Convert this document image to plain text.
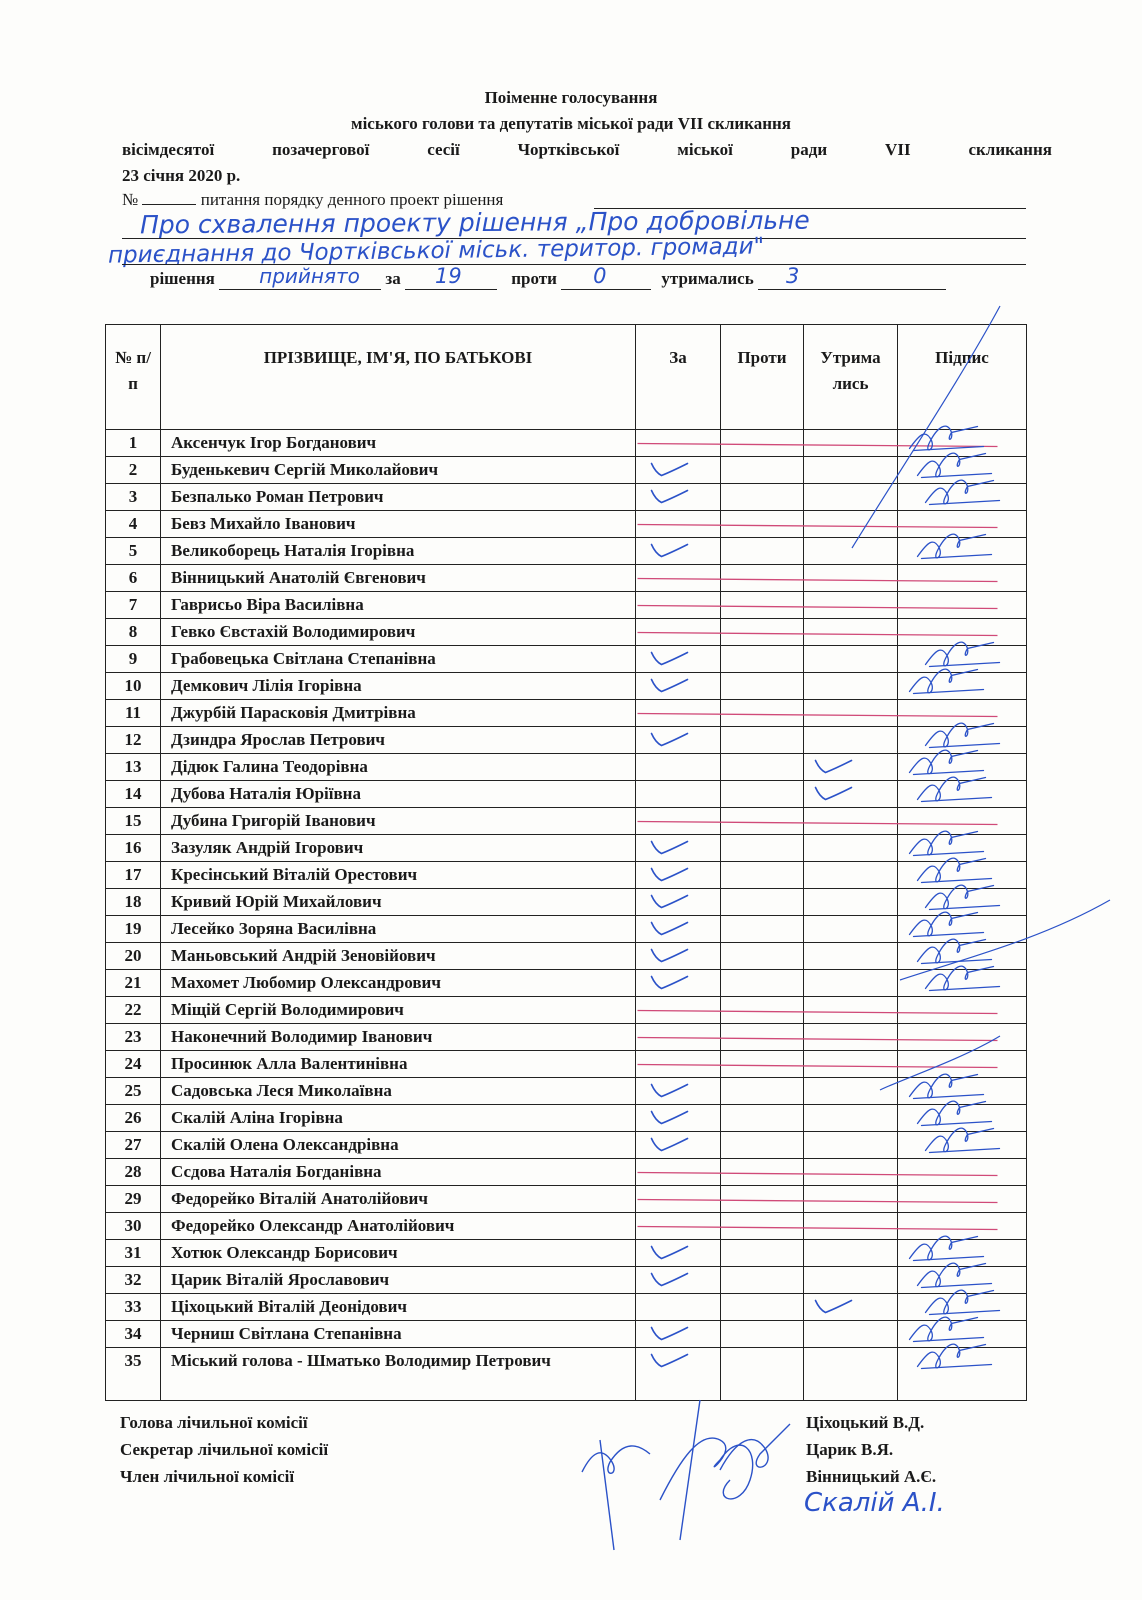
Поіменне голосування
міського голови та депутатів міської ради VII скликання
вісімдесятої	позачергової	сесії	Чортківської	міської	ради	VII	скликання
23 січня 2020 р.
№	питання порядку денного проект рішення
Про схвалення проекту рішення „Про добровільне
приєднання до Чортківської міськ. територ. громади"
рішення прийнято за 19	проти 0	утримались 3
№ п/п	ПРІЗВИЩЕ, ІМ'Я, ПО БАТЬКОВІ	За	Проти	Утримались	Підпис

1	Аксенчук Ігор Богданович				
2	Буденькевич Сергій Миколайович				
3	Безпалько Роман Петрович				
4	Бевз Михайло Іванович				
5	Великоборець Наталія Ігорівна				
6	Вінницький Анатолій Євгенович				
7	Гаврисьо Віра Василівна				
8	Гевко Євстахій Володимирович				
9	Грабовецька Світлана Степанівна				
10	Демкович Лілія Ігорівна				
11	Джурбій Парасковія Дмитрівна				
12	Дзиндра Ярослав Петрович				
13	Дідюк Галина Теодорівна				
14	Дубова Наталія Юріївна				
15	Дубина Григорій Іванович				
16	Зазуляк Андрій Ігорович				
17	Кресінський Віталій Орестович				
18	Кривий Юрій Михайлович				
19	Лесейко Зоряна Василівна				
20	Маньовський Андрій Зеновійович				
21	Махомет Любомир Олександрович				
22	Міщій Сергій Володимирович				
23	Наконечний Володимир Іванович				
24	Просинюк Алла Валентинівна				
25	Садовська Леся Миколаївна				
26	Скалій Аліна Ігорівна				
27	Скалій Олена Олександрівна				
28	Ссдова Наталія Богданівна				
29	Федорейко Віталій Анатолійович				
30	Федорейко Олександр Анатолійович				
31	Хотюк Олександр Борисович				
32	Царик Віталій Ярославович				
33	Ціхоцький Віталій Деонідович				
34	Черниш Світлана Степанівна				
35	Міський голова - Шматько Володимир Петрович				
Голова лічильної комісії	Ціхоцький В.Д.
Секретар лічильної комісії	Царик В.Я.
Член лічильної комісії	Вінницький А.Є.
Скалій А.І.
